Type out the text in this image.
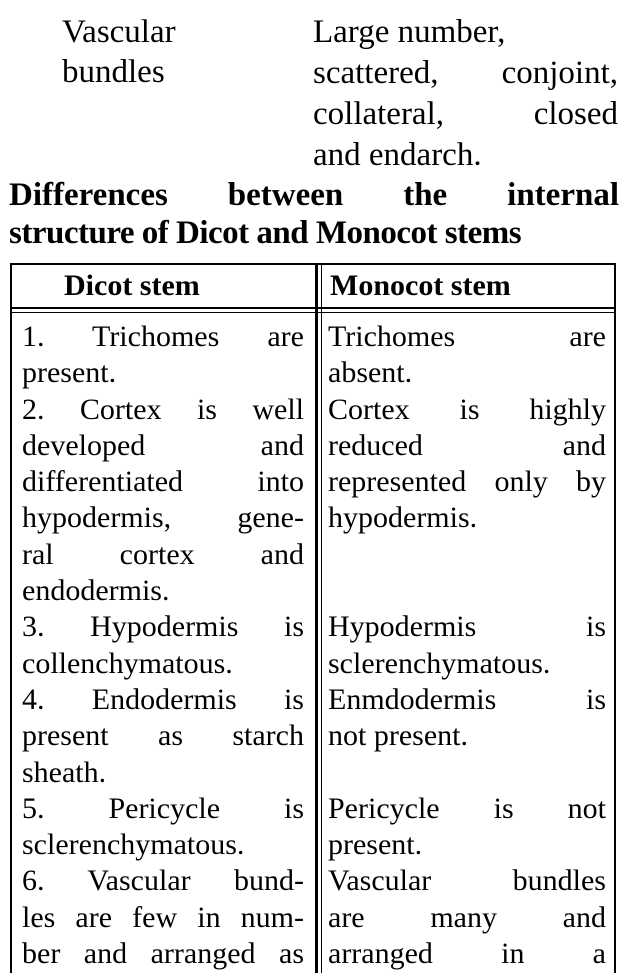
Vascular
bundles
Large number,
scattered, conjoint,
collateral, closed
and endarch.
Differences between the internal
structure of Dicot and Monocot stems
Dicot stem	Monocot stem
1. Trichomes are
present.
2. Cortex is well
developed and
differentiated into
hypodermis, gene-
ral cortex and
endodermis.
3. Hypodermis is
collenchymatous.
4. Endodermis is
present as starch
sheath.
5. Pericycle is
sclerenchymatous.
6. Vascular bund-
les are few in num-
ber and arranged as
Trichomes are
absent.
Cortex is highly
reduced and
represented only by
hypodermis.
Hypodermis is
sclerenchymatous.
Enmdodermis is
not present.
Pericycle is not
present.
Vascular bundles
are many and
arranged in a
